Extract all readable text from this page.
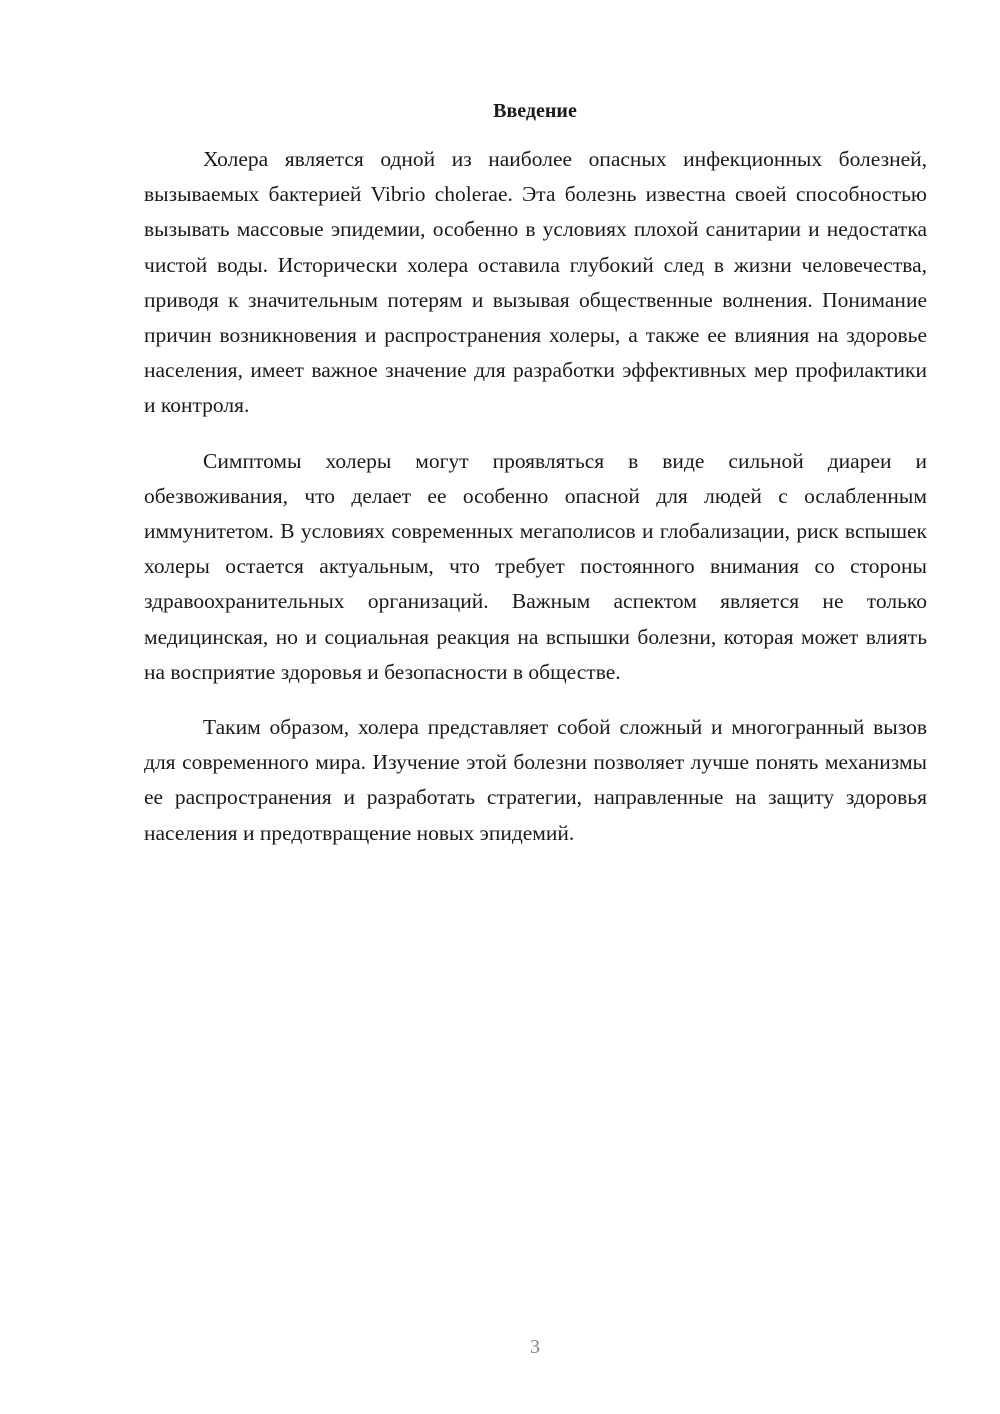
Введение

Холера является одной из наиболее опасных инфекционных болезней, вызываемых бактерией Vibrio cholerae. Эта болезнь известна своей способностью вызывать массовые эпидемии, особенно в условиях плохой санитарии и недостатка чистой воды. Исторически холера оставила глубокий след в жизни человечества, приводя к значительным потерям и вызывая общественные волнения. Понимание причин возникновения и распространения холеры, а также ее влияния на здоровье населения, имеет важное значение для разработки эффективных мер профилактики и контроля.

Симптомы холеры могут проявляться в виде сильной диареи и обезвоживания, что делает ее особенно опасной для людей с ослабленным иммунитетом. В условиях современных мегаполисов и глобализации, риск вспышек холеры остается актуальным, что требует постоянного внимания со стороны здравоохранительных организаций. Важным аспектом является не только медицинская, но и социальная реакция на вспышки болезни, которая может влиять на восприятие здоровья и безопасности в обществе.

Таким образом, холера представляет собой сложный и многогранный вызов для современного мира. Изучение этой болезни позволяет лучше понять механизмы ее распространения и разработать стратегии, направленные на защиту здоровья населения и предотвращение новых эпидемий.

3
